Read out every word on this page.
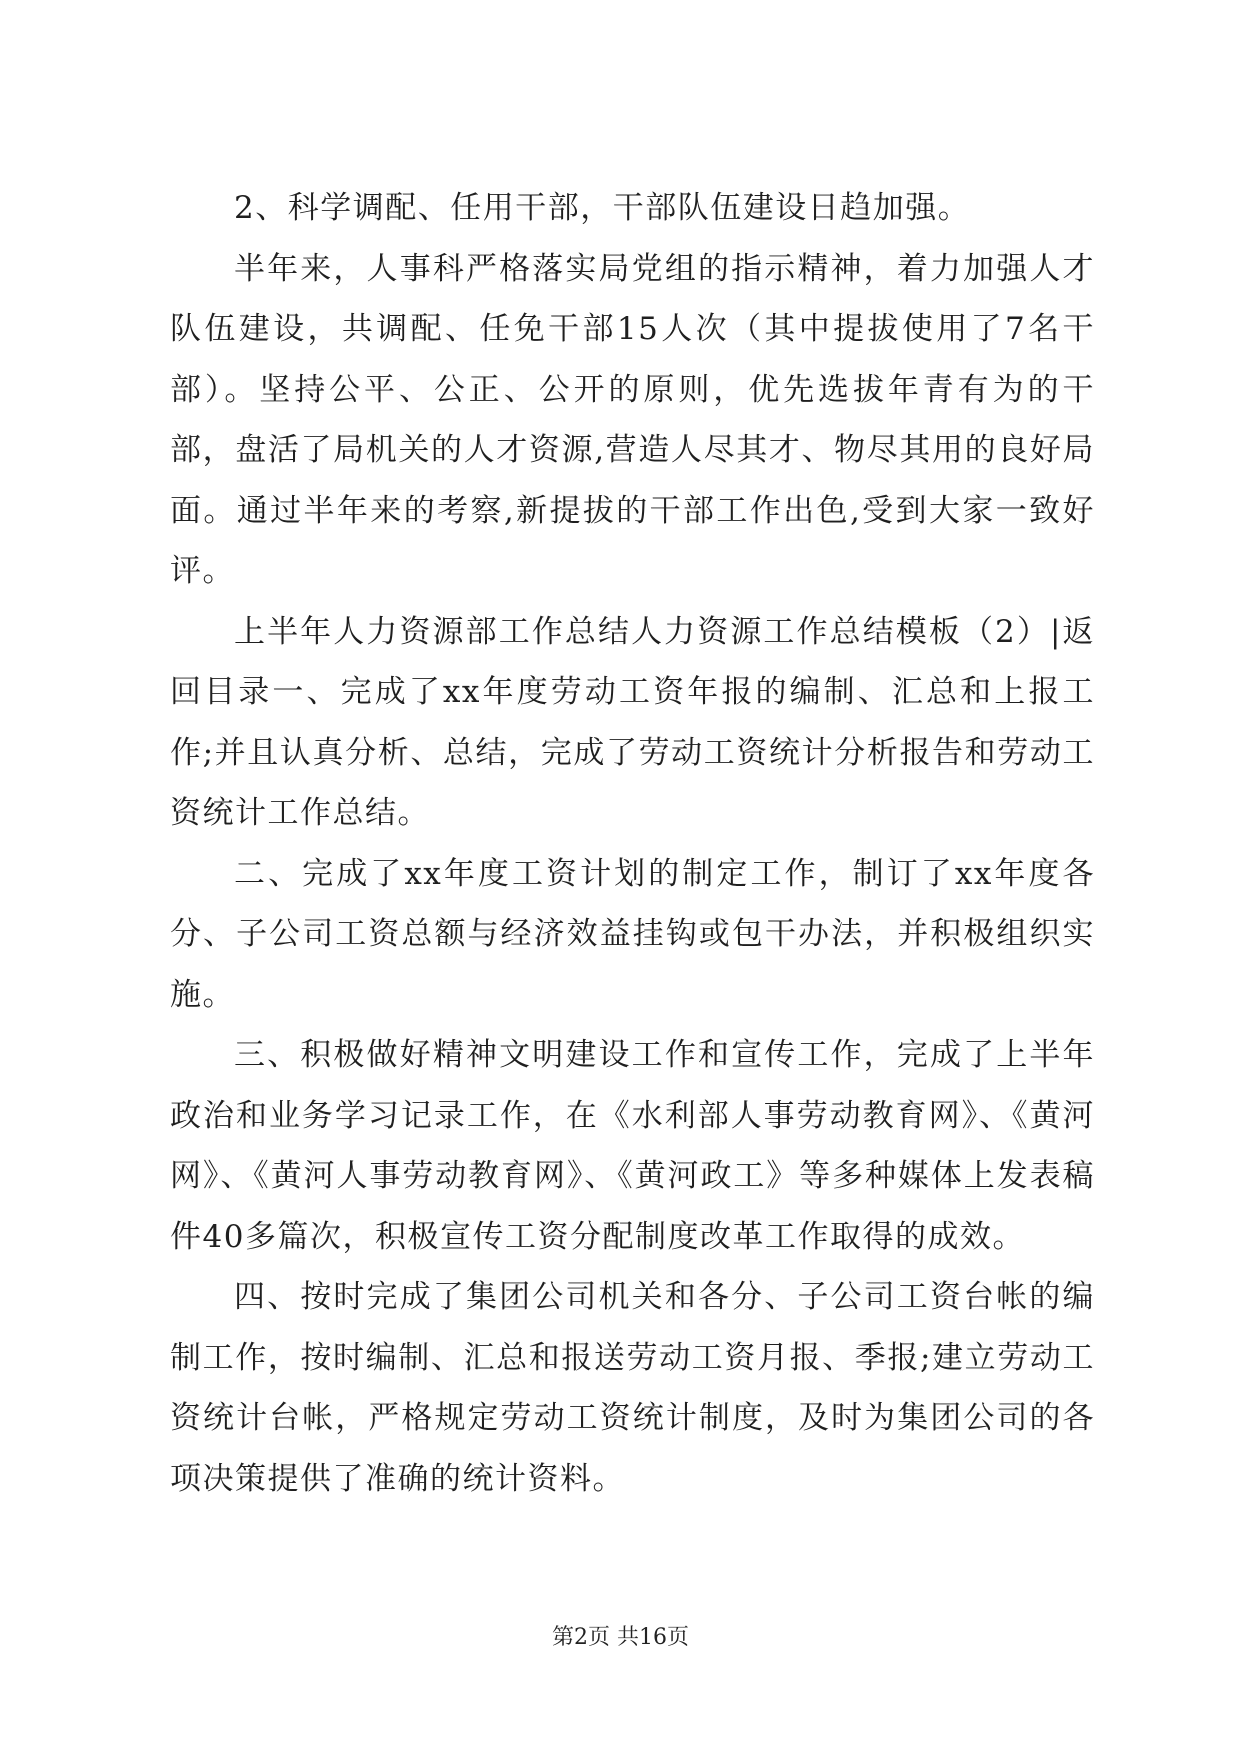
2、科学调配、任用干部，干部队伍建设日趋加强。

半年来，人事科严格落实局党组的指示精神，着力加强人才队伍建设，共调配、任免干部15人次（其中提拔使用了7名干部）。坚持公平、公正、公开的原则，优先选拔年青有为的干部，盘活了局机关的人才资源,营造人尽其才、物尽其用的良好局面。通过半年来的考察,新提拔的干部工作出色,受到大家一致好评。

上半年人力资源部工作总结人力资源工作总结模板（2）|返回目录一、完成了xx年度劳动工资年报的编制、汇总和上报工作;并且认真分析、总结，完成了劳动工资统计分析报告和劳动工资统计工作总结。

二、完成了xx年度工资计划的制定工作，制订了xx年度各分、子公司工资总额与经济效益挂钩或包干办法，并积极组织实施。

三、积极做好精神文明建设工作和宣传工作，完成了上半年政治和业务学习记录工作，在《水利部人事劳动教育网》、《黄河网》、《黄河人事劳动教育网》、《黄河政工》等多种媒体上发表稿件40多篇次，积极宣传工资分配制度改革工作取得的成效。

四、按时完成了集团公司机关和各分、子公司工资台帐的编制工作，按时编制、汇总和报送劳动工资月报、季报;建立劳动工资统计台帐，严格规定劳动工资统计制度，及时为集团公司的各项决策提供了准确的统计资料。

第2页 共16页
